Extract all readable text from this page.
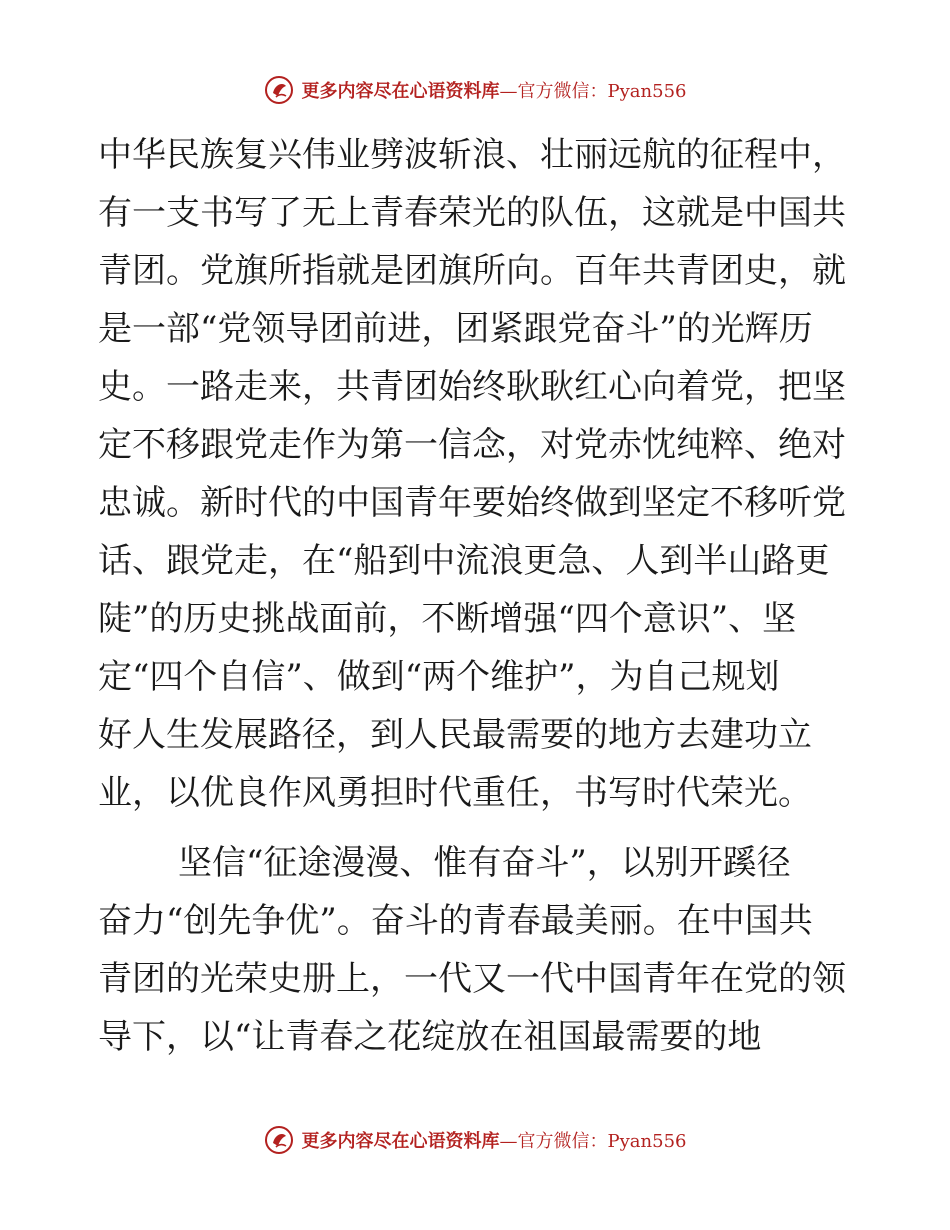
更多内容尽在心语资料库—官方微信：Pyan556
中华民族复兴伟业劈波斩浪、壮丽远航的征程中，
有一支书写了无上青春荣光的队伍，这就是中国共
青团。党旗所指就是团旗所向。百年共青团史，就
是一部“党领导团前进，团紧跟党奋斗”的光辉历
史。一路走来，共青团始终耿耿红心向着党，把坚
定不移跟党走作为第一信念，对党赤忱纯粹、绝对
忠诚。新时代的中国青年要始终做到坚定不移听党
话、跟党走，在“船到中流浪更急、人到半山路更
陡”的历史挑战面前，不断增强“四个意识”、坚
定“四个自信”、做到“两个维护”，为自己规划
好人生发展路径，到人民最需要的地方去建功立
业，以优良作风勇担时代重任，书写时代荣光。
坚信“征途漫漫、惟有奋斗”，以别开蹊径
奋力“创先争优”。奋斗的青春最美丽。在中国共
青团的光荣史册上，一代又一代中国青年在党的领
导下，以“让青春之花绽放在祖国最需要的地
更多内容尽在心语资料库—官方微信：Pyan556
